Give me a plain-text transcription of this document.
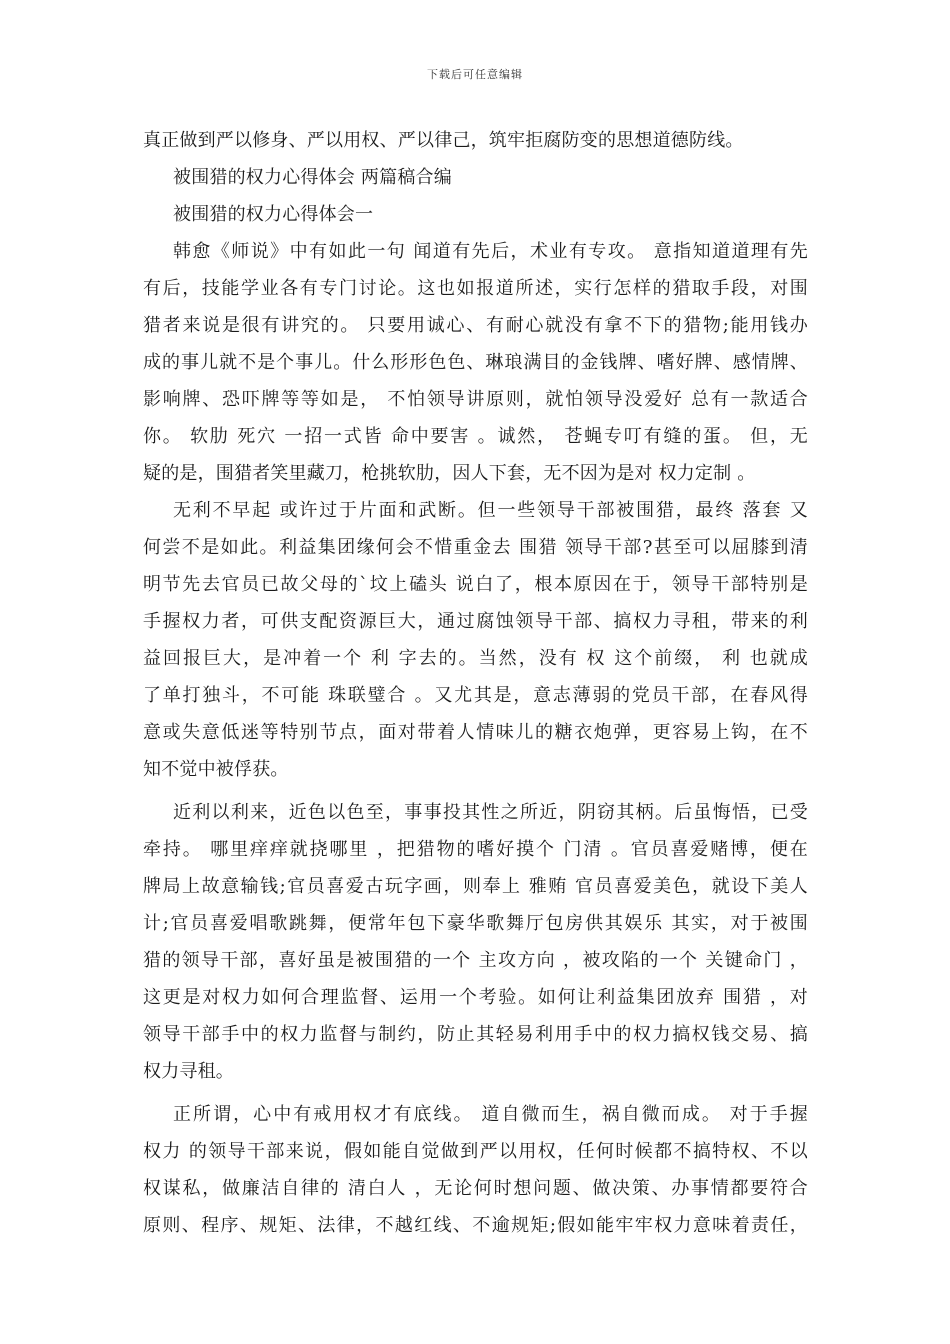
下载后可任意编辑
真正做到严以修身、严以用权、严以律己，筑牢拒腐防变的思想道德防线。
被围猎的权力心得体会 两篇稿合编
被围猎的权力心得体会一
韩愈《师说》中有如此一句 闻道有先后，术业有专攻。 意指知道道理有先
有后，技能学业各有专门讨论。这也如报道所述，实行怎样的猎取手段，对围
猎者来说是很有讲究的。 只要用诚心、有耐心就没有拿不下的猎物;能用钱办
成的事儿就不是个事儿。什么形形色色、琳琅满目的金钱牌、嗜好牌、感情牌、
影响牌、恐吓牌等等如是， 不怕领导讲原则，就怕领导没爱好 总有一款适合
你。 软肋 死穴 一招一式皆 命中要害 。诚然， 苍蝇专叮有缝的蛋。 但，无
疑的是，围猎者笑里藏刀，枪挑软肋，因人下套，无不因为是对 权力定制 。
无利不早起 或许过于片面和武断。但一些领导干部被围猎，最终 落套 又
何尝不是如此。利益集团缘何会不惜重金去 围猎 领导干部?甚至可以屈膝到清
明节先去官员已故父母的`坟上磕头 说白了，根本原因在于，领导干部特别是
手握权力者，可供支配资源巨大，通过腐蚀领导干部、搞权力寻租，带来的利
益回报巨大，是冲着一个 利 字去的。当然，没有 权 这个前缀， 利 也就成
了单打独斗，不可能 珠联璧合 。又尤其是，意志薄弱的党员干部，在春风得
意或失意低迷等特别节点，面对带着人情味儿的糖衣炮弹，更容易上钩，在不
知不觉中被俘获。
近利以利来，近色以色至，事事投其性之所近，阴窃其柄。后虽悔悟，已受
牵持。 哪里痒痒就挠哪里 ，把猎物的嗜好摸个 门清 。官员喜爱赌博，便在
牌局上故意输钱;官员喜爱古玩字画，则奉上 雅贿 官员喜爱美色，就设下美人
计;官员喜爱唱歌跳舞，便常年包下豪华歌舞厅包房供其娱乐 其实，对于被围
猎的领导干部，喜好虽是被围猎的一个 主攻方向 ，被攻陷的一个 关键命门 ，
这更是对权力如何合理监督、运用一个考验。如何让利益集团放弃 围猎 ，对
领导干部手中的权力监督与制约，防止其轻易利用手中的权力搞权钱交易、搞
权力寻租。
正所谓，心中有戒用权才有底线。 道自微而生，祸自微而成。 对于手握
权力 的领导干部来说，假如能自觉做到严以用权，任何时候都不搞特权、不以
权谋私，做廉洁自律的 清白人 ，无论何时想问题、做决策、办事情都要符合
原则、程序、规矩、法律，不越红线、不逾规矩;假如能牢牢权力意味着责任，
